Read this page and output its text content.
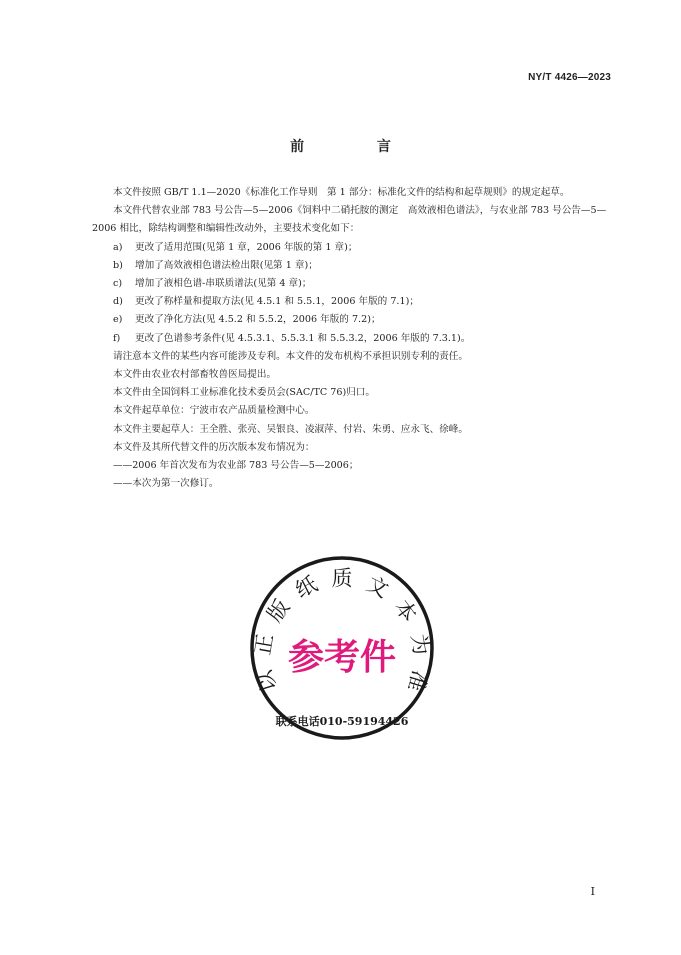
NY/T 4426—2023
前 言

本文件按照 GB/T 1.1—2020《标准化工作导则　第 1 部分：标准化文件的结构和起草规则》的规定起草。

本文件代替农业部 783 号公告—5—2006《饲料中二硝托胺的测定　高效液相色谱法》，与农业部 783 号公告—5—2006 相比，除结构调整和编辑性改动外，主要技术变化如下：

a) 更改了适用范围(见第 1 章，2006 年版的第 1 章)；
b) 增加了高效液相色谱法检出限(见第 1 章)；
c) 增加了液相色谱-串联质谱法(见第 4 章)；
d) 更改了称样量和提取方法(见 4.5.1 和 5.5.1，2006 年版的 7.1)；
e) 更改了净化方法(见 4.5.2 和 5.5.2，2006 年版的 7.2)；
f) 更改了色谱参考条件(见 4.5.3.1、5.5.3.1 和 5.5.3.2，2006 年版的 7.3.1)。

请注意本文件的某些内容可能涉及专利。本文件的发布机构不承担识别专利的责任。

本文件由农业农村部畜牧兽医局提出。

本文件由全国饲料工业标准化技术委员会(SAC/TC 76)归口。

本文件起草单位：宁波市农产品质量检测中心。

本文件主要起草人：王全胜、张亮、吴银良、凌淑萍、付岩、朱勇、应永飞、徐峰。

本文件及其所代替文件的历次版本发布情况为：

——2006 年首次发布为农业部 783 号公告—5—2006；

——本次为第一次修订。

以正版纸质文本为准
参考件
联系电话010-59194426
I
